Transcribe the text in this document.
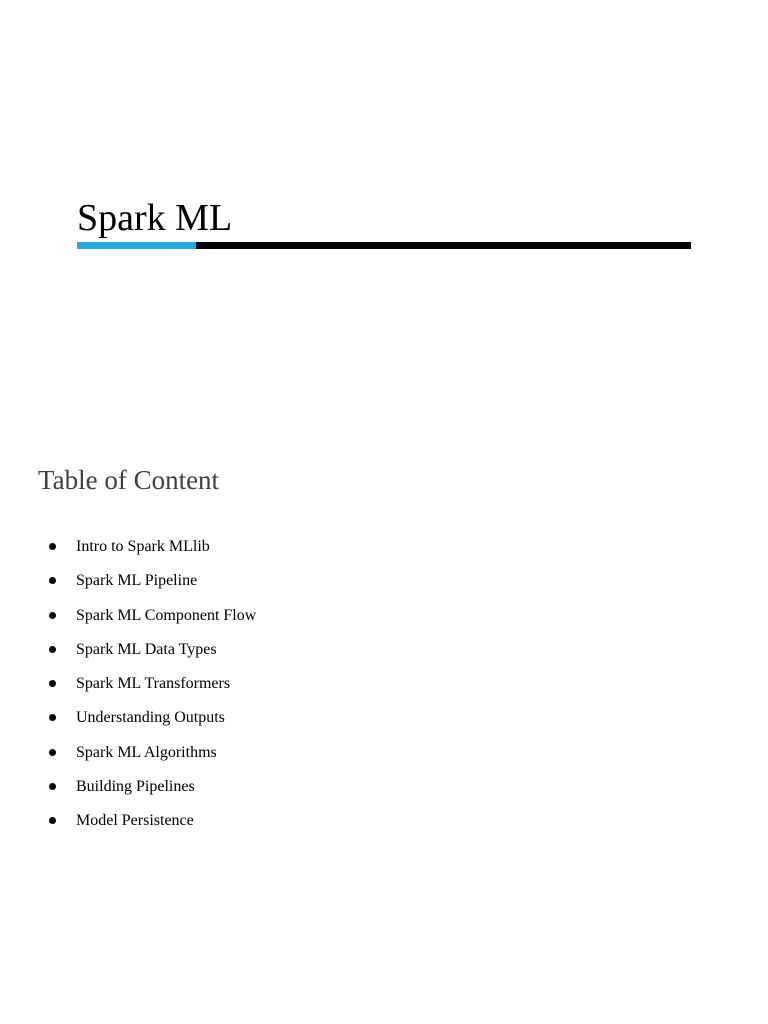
Spark ML
Table of Content
Intro to Spark MLlib
Spark ML Pipeline
Spark ML Component Flow
Spark ML Data Types
Spark ML Transformers
Understanding Outputs
Spark ML Algorithms
Building Pipelines
Model Persistence
